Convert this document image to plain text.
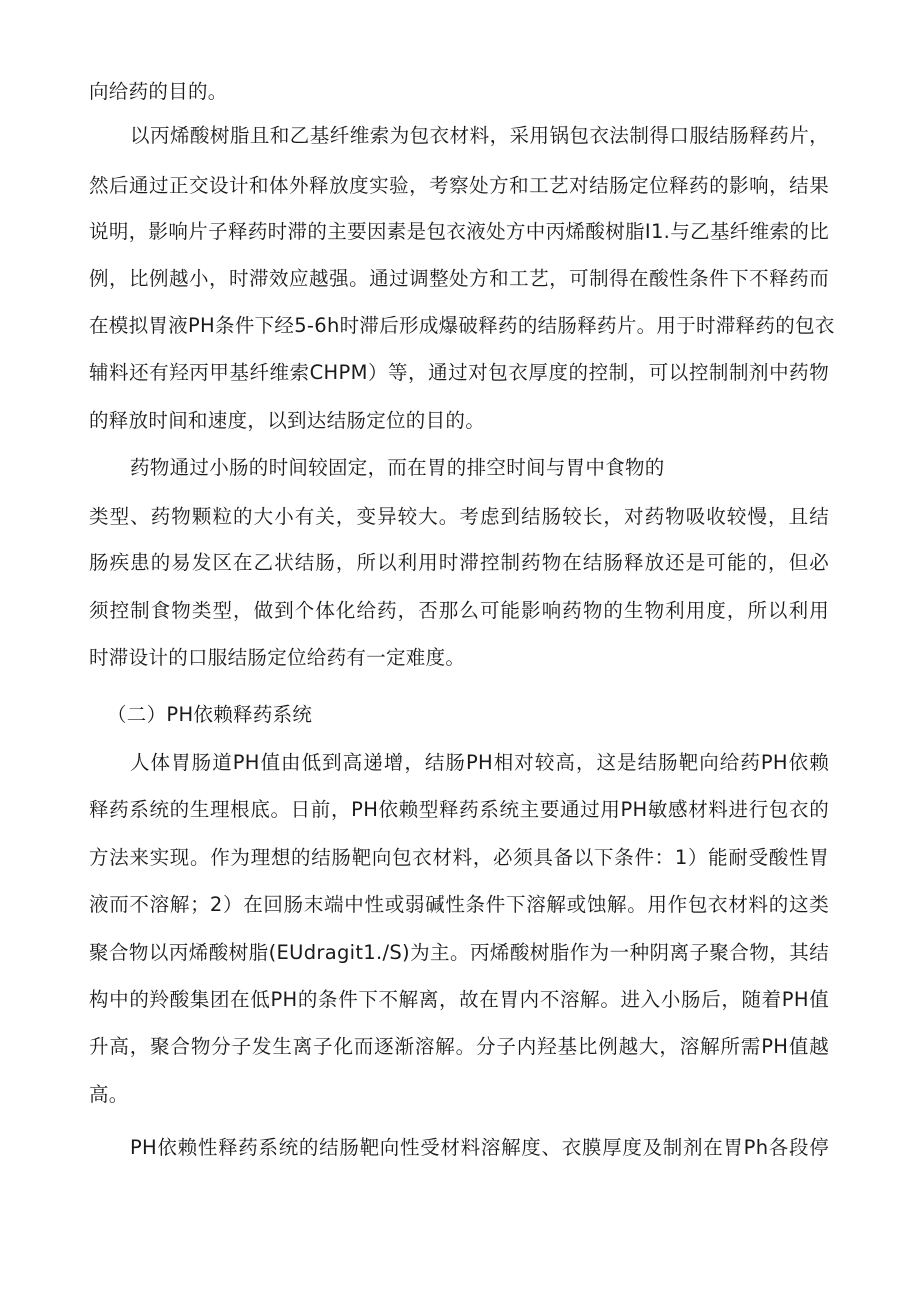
向给药的目的。
以丙烯酸树脂且和乙基纤维索为包衣材料，采用锅包衣法制得口服结肠释药片，
然后通过正交设计和体外释放度实验，考察处方和工艺对结肠定位释药的影响，结果
说明，影响片子释药时滞的主要因素是包衣液处方中丙烯酸树脂I1.与乙基纤维索的比
例，比例越小，时滞效应越强。通过调整处方和工艺，可制得在酸性条件下不释药而
在模拟胃液PH条件下经5-6h时滞后形成爆破释药的结肠释药片。用于时滞释药的包衣
辅料还有羟丙甲基纤维索CHPM）等，通过对包衣厚度的控制，可以控制制剂中药物
的释放时间和速度，以到达结肠定位的目的。
药物通过小肠的时间较固定，而在胃的排空时间与胃中食物的
类型、药物颗粒的大小有关，变异较大。考虑到结肠较长，对药物吸收较慢，且结
肠疾患的易发区在乙状结肠，所以利用时滞控制药物在结肠释放还是可能的，但必
须控制食物类型，做到个体化给药，否那么可能影响药物的生物利用度，所以利用
时滞设计的口服结肠定位给药有一定难度。
（二）PH依赖释药系统
人体胃肠道PH值由低到高递增，结肠PH相对较高，这是结肠靶向给药PH依赖
释药系统的生理根底。日前，PH依赖型释药系统主要通过用PH敏感材料进行包衣的
方法来实现。作为理想的结肠靶向包衣材料，必须具备以下条件：1）能耐受酸性胃
液而不溶解；2）在回肠末端中性或弱碱性条件下溶解或蚀解。用作包衣材料的这类
聚合物以丙烯酸树脂(EUdragit1./S)为主。丙烯酸树脂作为一种阴离子聚合物，其结
构中的羚酸集团在低PH的条件下不解离，故在胃内不溶解。进入小肠后，随着PH值
升高，聚合物分子发生离子化而逐渐溶解。分子内羟基比例越大，溶解所需PH值越
高。
PH依赖性释药系统的结肠靶向性受材料溶解度、衣膜厚度及制剂在胃Ph各段停
